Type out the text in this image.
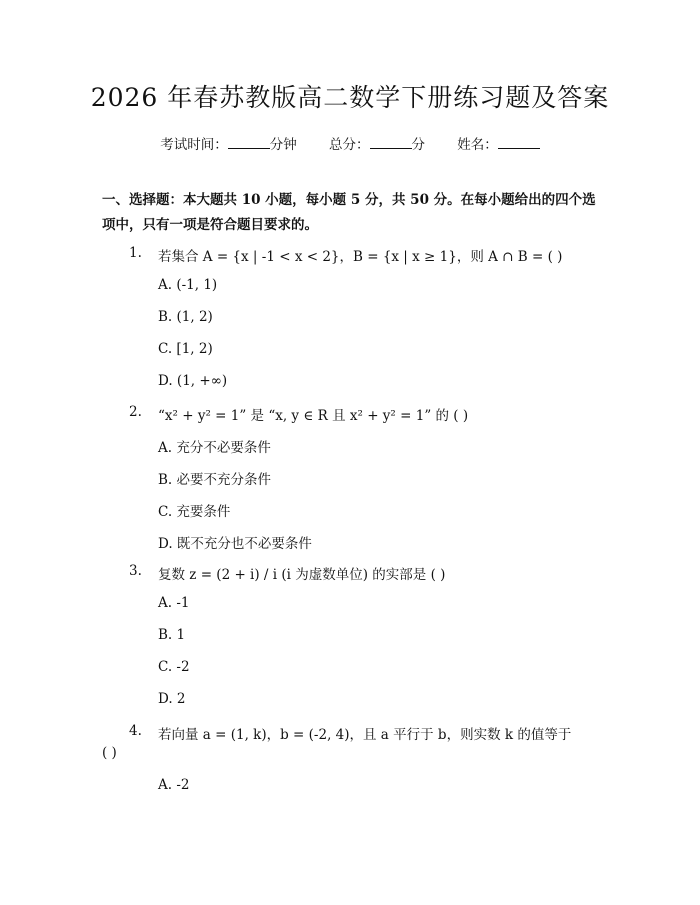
2026 年春苏教版高二数学下册练习题及答案
考试时间：	分钟 总分：	分 姓名：
一、选择题：本大题共 10 小题，每小题 5 分，共 50 分。在每小题给出的四个选
项中，只有一项是符合题目要求的。
1. 若集合 A = {x | -1 < x < 2}，B = {x | x ≥ 1}，则 A ∩ B = ( )
A. (-1, 1)
B. (1, 2)
C. [1, 2)
D. (1, +∞)
2. “x² + y² = 1” 是 “x, y ∈ R 且 x² + y² = 1” 的 ( )
A. 充分不必要条件
B. 必要不充分条件
C. 充要条件
D. 既不充分也不必要条件
3. 复数 z = (2 + i) / i (i 为虚数单位) 的实部是 ( )
A. -1
B. 1
C. -2
D. 2
4. 若向量 a = (1, k)，b = (-2, 4)，且 a 平行于 b，则实数 k 的值等于
( )
A. -2
